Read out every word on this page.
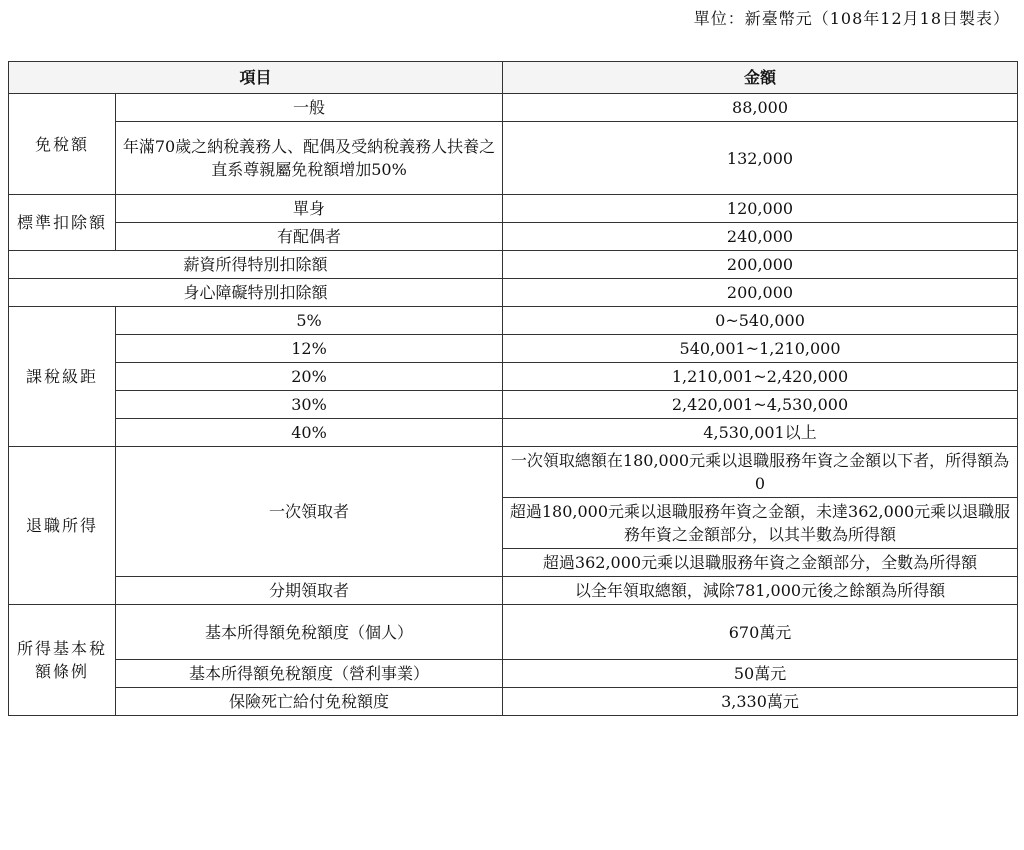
單位：新臺幣元（108年12月18日製表）
項目		金額
免稅額	一般	88,000
	年滿70歲之納稅義務人、配偶及受納稅義務人扶養之直系尊親屬免稅額增加50%	132,000
標準扣除額	單身	120,000
	有配偶者	240,000
薪資所得特別扣除額		200,000
身心障礙特別扣除額		200,000
課稅級距	5%	0~540,000
	12%	540,001~1,210,000
	20%	1,210,001~2,420,000
	30%	2,420,001~4,530,000
	40%	4,530,001以上
退職所得	一次領取者	一次領取總額在180,000元乘以退職服務年資之金額以下者，所得額為0
		超過180,000元乘以退職服務年資之金額，未達362,000元乘以退職服務年資之金額部分，以其半數為所得額
		超過362,000元乘以退職服務年資之金額部分，全數為所得額
	分期領取者	以全年領取總額，減除781,000元後之餘額為所得額
所得基本稅額條例	基本所得額免稅額度（個人）	670萬元
	基本所得額免稅額度（營利事業）	50萬元
	保險死亡給付免稅額度	3,330萬元
